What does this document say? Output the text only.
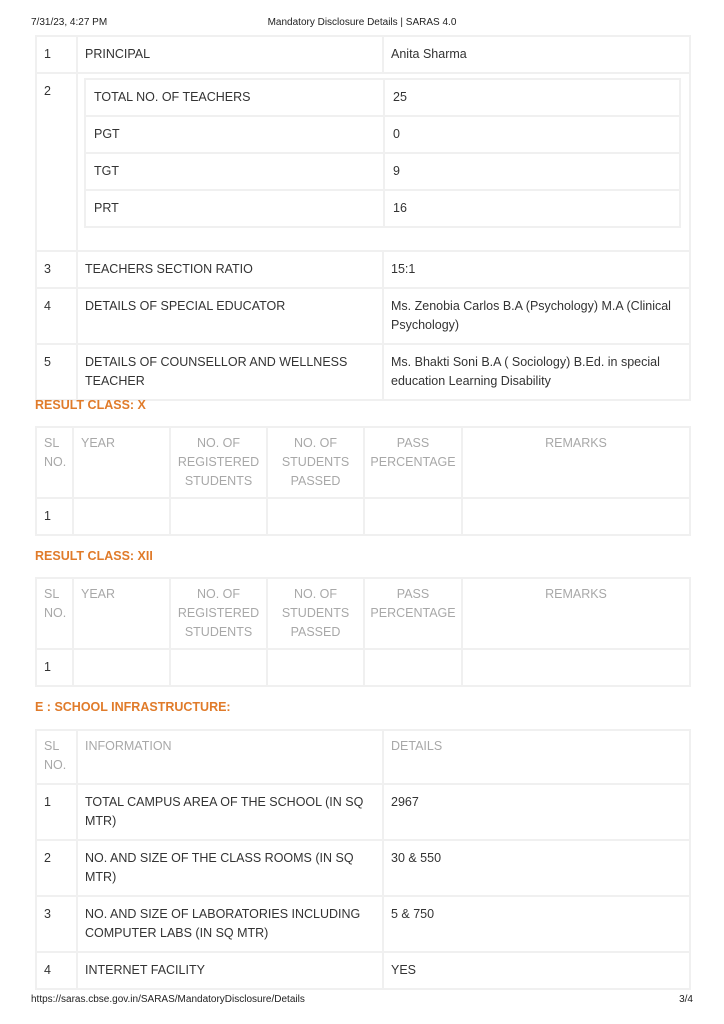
7/31/23, 4:27 PM	Mandatory Disclosure Details | SARAS 4.0
1	PRINCIPAL	Anita Sharma
2		TOTAL NO. OF TEACHERS	25
PGT	0
TGT	9
PRT	16

3	TEACHERS SECTION RATIO	15:1
4	DETAILS OF SPECIAL EDUCATOR	Ms. Zenobia Carlos B.A (Psychology) M.A (Clinical Psychology)
5	DETAILS OF COUNSELLOR AND WELLNESS TEACHER	Ms. Bhakti Soni B.A ( Sociology) B.Ed. in special education Learning Disability
RESULT CLASS: X
SL NO.	YEAR	NO. OF REGISTERED STUDENTS	NO. OF STUDENTS PASSED	PASS PERCENTAGE	REMARKS
1					
RESULT CLASS: XII
SL NO.	YEAR	NO. OF REGISTERED STUDENTS	NO. OF STUDENTS PASSED	PASS PERCENTAGE	REMARKS
1					
E : SCHOOL INFRASTRUCTURE:
SL NO.	INFORMATION	DETAILS
1	TOTAL CAMPUS AREA OF THE SCHOOL (IN SQ MTR)	2967
2	NO. AND SIZE OF THE CLASS ROOMS (IN SQ MTR)	30 & 550
3	NO. AND SIZE OF LABORATORIES INCLUDING COMPUTER LABS (IN SQ MTR)	5 & 750
4	INTERNET FACILITY	YES
https://saras.cbse.gov.in/SARAS/MandatoryDisclosure/Details	3/4
